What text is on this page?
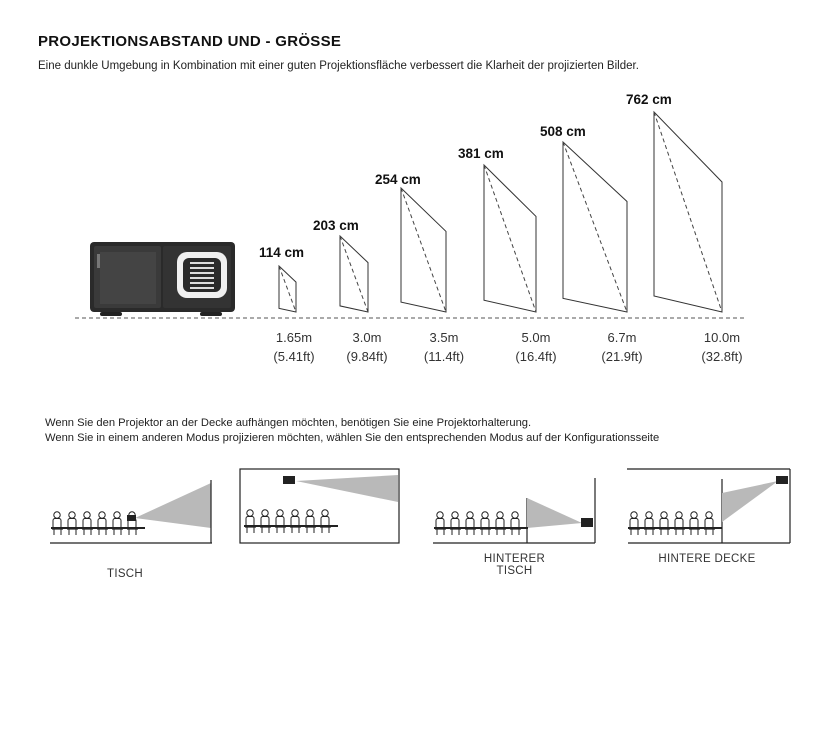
PROJEKTIONSABSTAND UND - GRÖSSE
Eine dunkle Umgebung in Kombination mit einer guten Projektionsfläche verbessert die Klarheit der projizierten Bilder.
114 cm
1.65m
(5.41ft)
203 cm
3.0m
(9.84ft)
254 cm
3.5m
(11.4ft)
381 cm
5.0m
(16.4ft)
508 cm
6.7m
(21.9ft)
762 cm
10.0m
(32.8ft)
Wenn Sie den Projektor an der Decke aufhängen möchten, benötigen Sie eine Projektorhalterung.
Wenn Sie in einem anderen Modus projizieren möchten, wählen Sie den entsprechenden Modus auf der Konfigurationsseite
TISCH
HINTERER
TISCH
HINTERE DECKE
